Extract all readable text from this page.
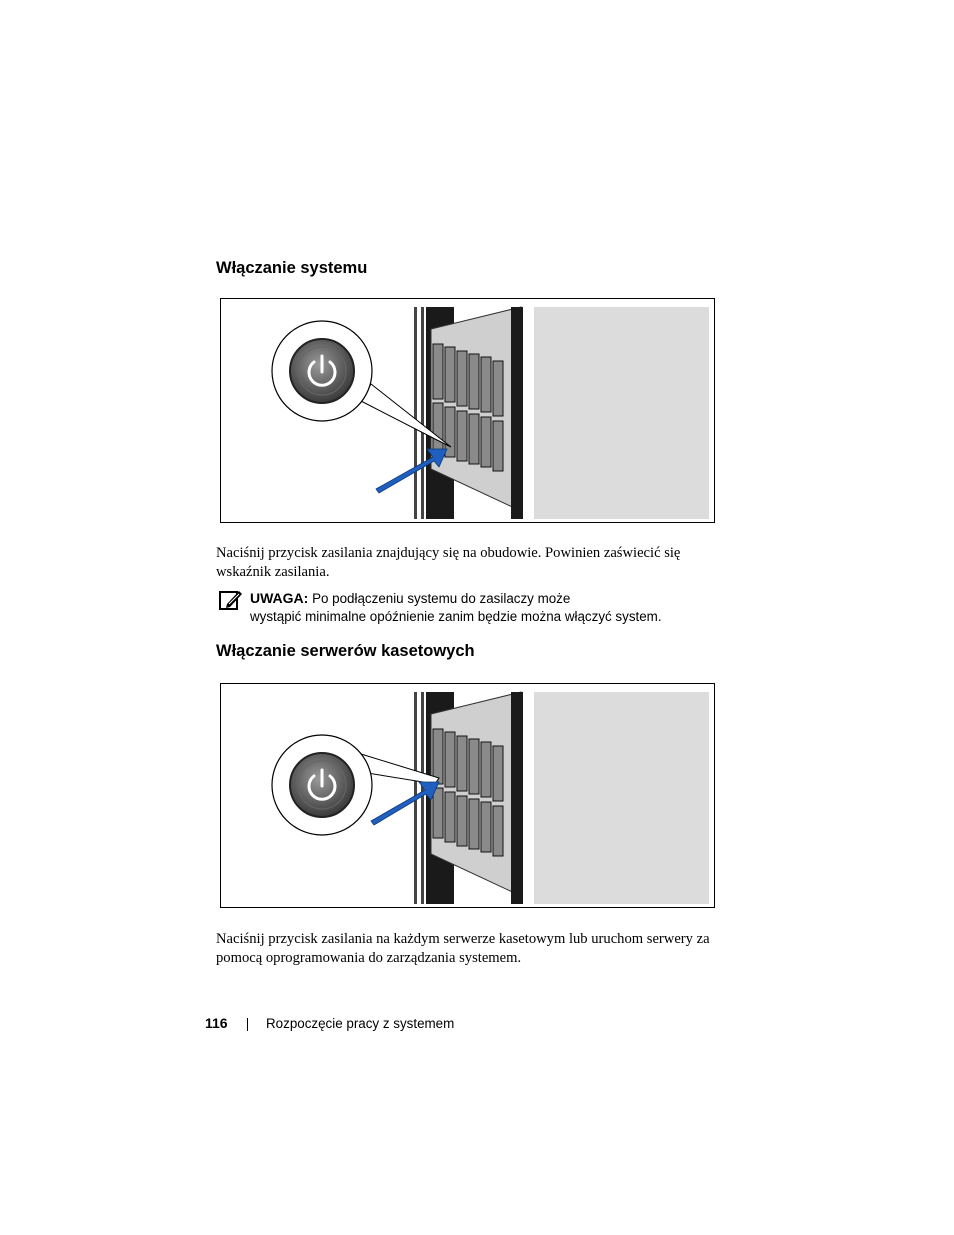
Włączanie systemu

Naciśnij przycisk zasilania znajdujący się na obudowie. Powinien zaświecić się wskaźnik zasilania.

UWAGA: Po podłączeniu systemu do zasilaczy może
wystąpić minimalne opóźnienie zanim będzie można włączyć system.

Włączanie serwerów kasetowych

Naciśnij przycisk zasilania na każdym serwerze kasetowym lub uruchom serwery za pomocą oprogramowania do zarządzania systemem.

116	Rozpoczęcie pracy z systemem
